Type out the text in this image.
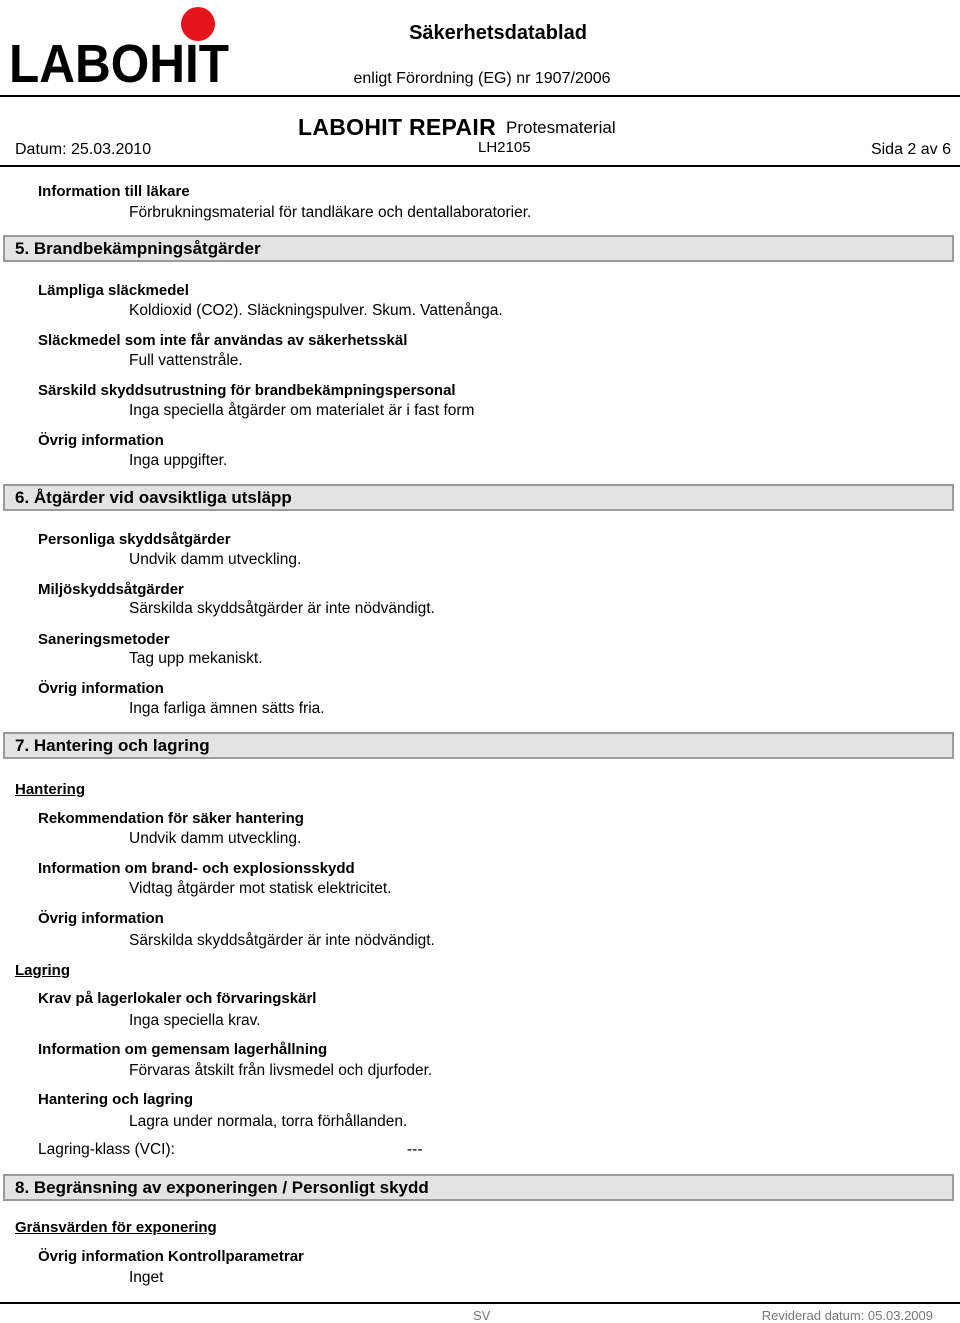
LABOHIT
Säkerhetsdatablad
enligt Förordning (EG) nr 1907/2006
LABOHIT REPAIR Protesmaterial
Datum: 25.03.2010	LH2105	Sida 2 av 6
Information till läkare
Förbrukningsmaterial för tandläkare och dentallaboratorier.
5. Brandbekämpningsåtgärder
Lämpliga släckmedel
Koldioxid (CO2). Släckningspulver. Skum. Vattenånga.
Släckmedel som inte får användas av säkerhetsskäl
Full vattenstråle.
Särskild skyddsutrustning för brandbekämpningspersonal
Inga speciella åtgärder om materialet är i fast form
Övrig information
Inga uppgifter.
6. Åtgärder vid oavsiktliga utsläpp
Personliga skyddsåtgärder
Undvik damm utveckling.
Miljöskyddsåtgärder
Särskilda skyddsåtgärder är inte nödvändigt.
Saneringsmetoder
Tag upp mekaniskt.
Övrig information
Inga farliga ämnen sätts fria.
7. Hantering och lagring
Hantering
Rekommendation för säker hantering
Undvik damm utveckling.
Information om brand- och explosionsskydd
Vidtag åtgärder mot statisk elektricitet.
Övrig information
Särskilda skyddsåtgärder är inte nödvändigt.
Lagring
Krav på lagerlokaler och förvaringskärl
Inga speciella krav.
Information om gemensam lagerhållning
Förvaras åtskilt från livsmedel och djurfoder.
Hantering och lagring
Lagra under normala, torra förhållanden.
Lagring-klass (VCI):	---
8. Begränsning av exponeringen / Personligt skydd
Gränsvärden för exponering
Övrig information Kontrollparametrar
Inget
SV	Reviderad datum: 05.03.2009
